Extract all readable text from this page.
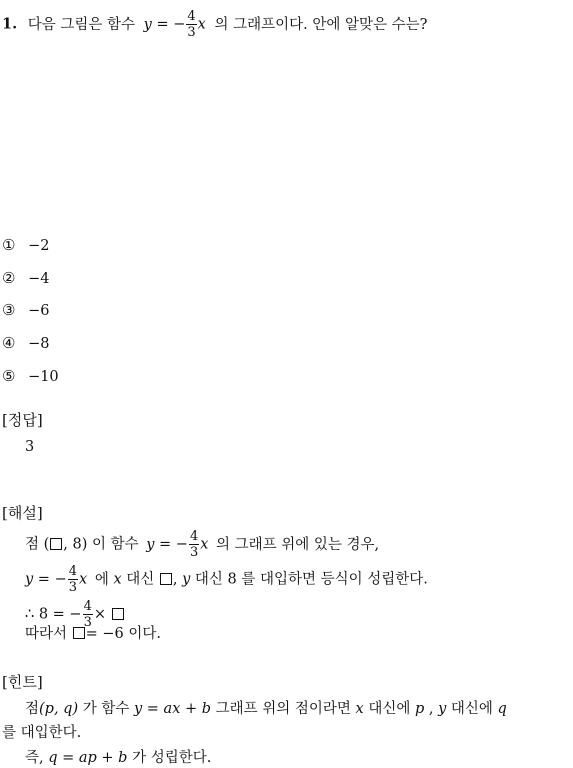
1. 다음 그림은 함수 y = − $\frac{4}{3}$ x 의 그래프이다. 안에 알맞은 수는?
① −2
② −4
③ −6
④ −8
⑤ −10
[정답]
3
[해설]
점 ( , 8) 이 함수 y = − $\frac{4}{3}$ x 의 그래프 위에 있는 경우,
y = − $\frac{4}{3}$ x 에 x 대신 , y 대신 8 를 대입하면 등식이 성립한다.
∴ 8 = − $\frac{4}{3}$ ×
따라서 = −6 이다.
[힌트]
점(p, q) 가 함수 y = ax + b 그래프 위의 점이라면 x 대신에 p , y 대신에 q
를 대입한다.
즉, q = ap + b 가 성립한다.
